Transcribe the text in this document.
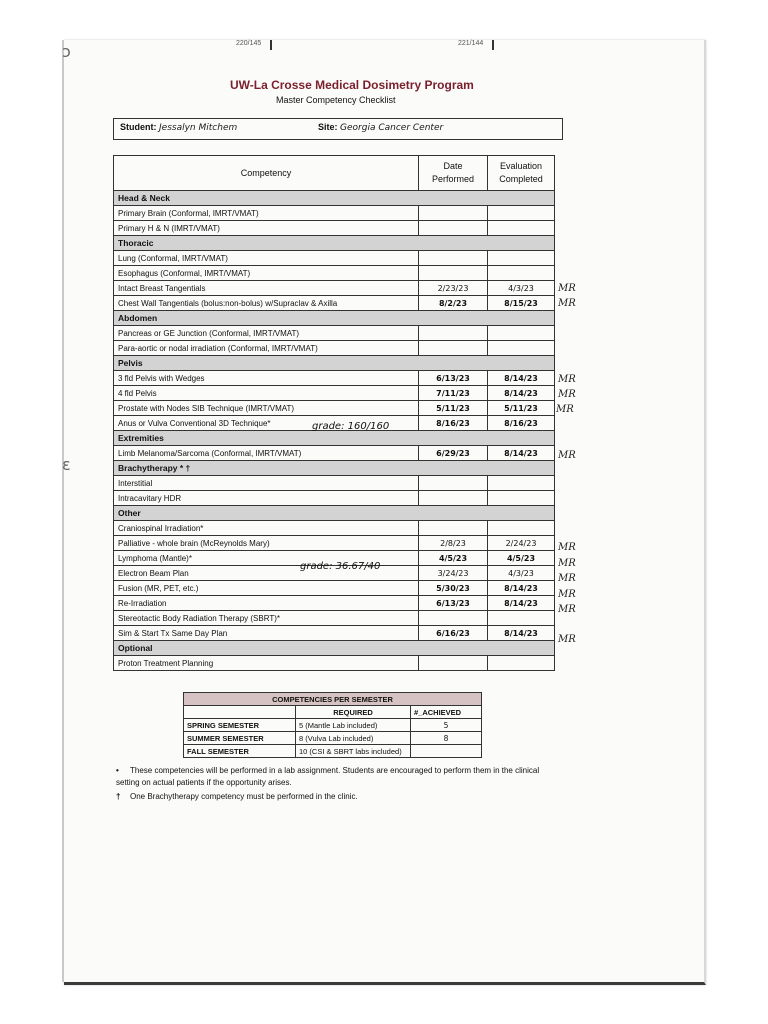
ɔ
ɛ
220/145	221/144
UW-La Crosse Medical Dosimetry Program
Master Competency Checklist
Student: Jessalyn Mitchem	Site: Georgia Cancer Center
Competency	Date Performed	Evaluation Completed
Head & Neck		
Primary Brain (Conformal, IMRT/VMAT)		
Primary H & N (IMRT/VMAT)		
Thoracic		
Lung (Conformal, IMRT/VMAT)		
Esophagus (Conformal, IMRT/VMAT)		
Intact Breast Tangentials	2/23/23	4/3/23
Chest Wall Tangentials (bolus:non-bolus) w/Supraclav & Axilla	8/2/23	8/15/23
Abdomen		
Pancreas or GE Junction (Conformal, IMRT/VMAT)		
Para-aortic or nodal irradiation (Conformal, IMRT/VMAT)		
Pelvis		
3 fld Pelvis with Wedges	6/13/23	8/14/23
4 fld Pelvis	7/11/23	8/14/23
Prostate with Nodes SIB Technique (IMRT/VMAT)	5/11/23	5/11/23
Anus or Vulva Conventional 3D Technique*	8/16/23	8/16/23
Extremities		
Limb Melanoma/Sarcoma (Conformal, IMRT/VMAT)	6/29/23	8/14/23
Brachytherapy * †		
Interstitial		
Intracavitary HDR		
Other		
Craniospinal Irradiation*		
Palliative - whole brain (McReynolds Mary)	2/8/23	2/24/23
Lymphoma (Mantle)*	4/5/23	4/5/23
Electron Beam Plan	3/24/23	4/3/23
Fusion (MR, PET, etc.)	5/30/23	8/14/23
Re-Irradiation	6/13/23	8/14/23
Stereotactic Body Radiation Therapy (SBRT)*		
Sim & Start Tx Same Day Plan	6/16/23	8/14/23
Optional		
Proton Treatment Planning		
grade: 160/160
grade: 36.67/40
MR
MR
MR
MR
MR
MR
MR
MR
MR
MR
MR
MR
COMPETENCIES PER SEMESTER		
	REQUIRED	#_ACHIEVED
SPRING SEMESTER	5 (Mantle Lab included)	5
SUMMER SEMESTER	8 (Vulva Lab included)	8
FALL SEMESTER	10 (CSI & SBRT labs included)	
• These competencies will be performed in a lab assignment. Students are encouraged to perform them in the clinical setting on actual patients if the opportunity arises.
† One Brachytherapy competency must be performed in the clinic.
